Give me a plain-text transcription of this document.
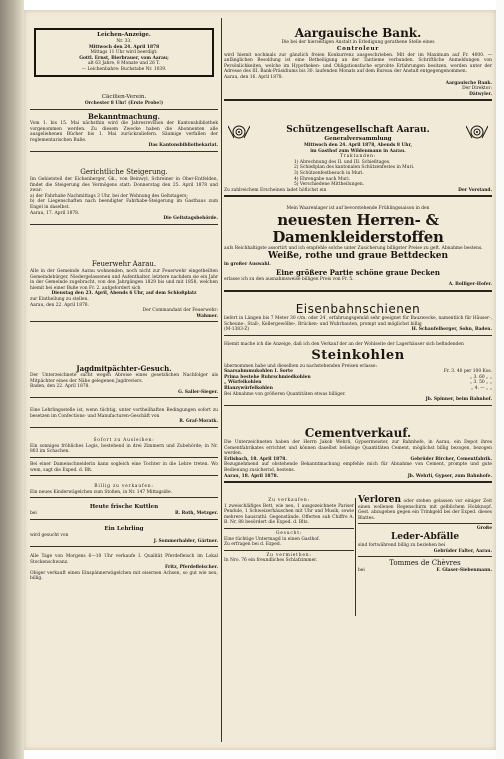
Leichen-Anzeige.

Nr. 33.

Mittwoch den 24. April 1878

Mittags 11 Uhr wird beerdigt:

Gottl. Ernst, Bierbrauer, vom Aarau;

alt 63 Jahre, 8 Monate und 26 T.

— Leichenbahre: Buchstabe Nr. 1039.

Cäcilien-Verein.

Orchester 8 Uhr! (Erste Probe!)

Bekanntmachung.

Vom 1. bis 15. Mai nächsthin wird die Jahresrevision der Kantonsbibliothek vorgenommen werden. Zu diesem Zwecke haben die Abonnenten alle ausgeliehenen Bücher bis 1. Mai zurückzuliefern. Säumige verfallen der reglementarischen Buße.

Das Kantonsbibliothekariat.

Gerichtliche Steigerung.

Im Gebietsteil der Eichenberger, Gk., von Beinwyl, Schreiner in Ober-Entfelden, findet die Steigerung des Vermögens statt: Donnerstag den 25. April 1878 und zwar:

a) der Fahrhabe Nachmittags 3 Uhr, bei der Wohnung des Geltstagers;

b) der Liegenschaften nach beendigter Fahrhabe-Steigerung im Gasthaus zum Engel in daselbst.

Aarau, 17. April 1878.

Die Geltstagsbehörde.

Feuerwehr Aarau.

Alle in der Gemeinde Aarau wohnenden, noch nicht zur Feuerwehr eingetheilten Gemeindebürger, Niedergelassenen und Aufenthalter, letztere nachdem sie ein Jahr in der Gemeinde zugebracht, von den Jahrgängen 1829 bis und mit 1858, welchen hiemit bei einer Buße von Fr. 2. aufgefordert sich

Dienstag den 23. April, Abends 6 Uhr, auf dem Schloßplatz

zur Eintheilung zu stellen.

Aarau, den 22. April 1878.

Der Commandant der Feuerwehr:

Wahmer.

Jagdmitpächter-Gesuch.

Der Unterzeichnete sucht wegen Abreise eines gesetzlichen Nachfolger als Mitpächter eines der Nähe gelegenen Jagdreviers.

Baden, den 22. April 1878.

G. Saller-Sieger.

Eine Lehrlingsstelle ist, wenn tüchtig, unter vortheilhaften Bedingungen sofort zu besetzen im Confections- und Manufacturen-Geschäft von

R. Graf-Moratk.

Sofort zu Ausleihen:

Ein sonniges fröhliches Logis, bestehend in drei Zimmern und Zubehörde; in Nr. 803 im Schachen.

Bei einer Damenschneiderin kann sogleich eine Tochter in die Lehre treten. Wo wem, sagt die Exped. d. Blt.

Billig zu verkaufen:

Ein neues Kinderwägelchen zum Stoßen, in Nr. 147 Mittagsiße.

Heute frische Kuttlen

bei	R. Roth, Metzger.

Ein Lehrling

wird gesucht von

J. Sommerhalder, Gärtner.

Alle Tage von Morgens 6—10 Uhr verkaufe I. Qualität Pferdefleisch im Lokal Stockenschwanz.

Fritz, Pferdefleischer.

Obiger verkauft einen Einspännerwägelchen mit eisernen Achsen, so gut wie neu, billig.

Aargauische Bank.

Die bei der hierseitigen Anstalt in Erledigung gerathene Stelle eines

Controleur

wird hiemit nochmals zur gänzlich freien Konkurrenz ausgeschrieben. Mit der im Maximum auf Fr. 4000. — anfänglichen Besoldung ist eine Betheiligung an der Tantieme verbunden. Schriftliche Anmeldungen von Persönlichkeiten, welche im Hypotheken- und Obligationsfache erprobte Erfahrungen besitzen, werden unter der Adresse des III. Bank-Präsidiums bis 30. laufenden Monats auf dem Bureau der Anstalt entgegengenommen.

Aarau, den 16. April 1878.

Aargauische Bank.

Der Direktor:

Dätwyler.

Schützengesellschaft Aarau.

Generalversammlung

Mittwoch den 24. April 1878, Abends 8 Uhr,

im Gasthof zum Wildenmann in Aarau.

Traktanden:

1) Abrechnung des II. und III. Schießtages.

2) Schießplan des kantonalen Schützenfestes in Muri.

3) Schützenfestbesuch in Muri.

4) Ehrengabe nach Muri.

5) Verschiedene Mittheilungen.

Zu zahlreichem Erscheinen ladet höflichst ein	Der Vorstand.

Mein Waarenlager ist auf bevorstehende Frühlingssaison in den

neuesten Herren- & Damenkleiderstoffen

aufs Reichhaltigste assortirt und ich empfehle solche unter Zusicherung billigster Preise zu geft. Abnahme bestens.

Weiße, rothe und graue Bettdecken

in großer Auswahl.

Eine größere Partie schöne graue Decken

erlasse ich zu den ausnahmsweise billigen Preis von Fr. 5.

A. Bolliger-Hofer.

Eisenbahnschienen

liefert in Längen bis 7 Meter 30 c/m. oder 24′, erfahrungsgemäß sehr geeignet für Bauzwecke, namentlich für Häuser-, Scheune-, Stall-, Kellergewölbe-, Brücken- und Wuhrbauten, prompt und möglichst billig

(M-1383-Z)	H. Schaufelberger, Sohn, Baden.

Hiemit mache ich die Anzeige, daß ich den Verkauf der an der Wohlseite der Lagerhäuser sich befindenden

Steinkohlen

übernommen habe und dieselben zu nachstehenden Preisen erlasse:

Saarsahmmukohlen I. Sorte	Fr. 3. 40 per 100 Kos.

Prima bestehe Ruhrschmiedkohlen	„ 3. 60 „ „

„ Würfelkohlen	„ 3. 50 „ „

Blanzywürfelkohlen	„ 4. — „ „

Bei Abnahme von größeren Quantitäten etwas billiger.

Jb. Spinner, beim Bahnhof.

Cementverkauf.

Die Unterzeichneten haben der Herrn Jakob Wehrli, Gypsermeister, zur Bahnhofe, in Aarau, ein Depot ihres Cementfabrikates errichtet und können daselbst beliebige Quantitäten Cement, möglichst billig bezogen, bezogen werden.

Erlisbach, 18. April 1878.	Gebrüder Bircher, Cementfabrik.

Bezugnehmend auf obstehende Bekanntmachung empfehle mich für Abnahme von Cement, prompte und gute Bedienung zusichernd, bestens.

Aarau, 18. April 1878.	Jb. Wehrli, Gypser, zum Bahnhofe.

Zu verkaufen:

1 zweischläfiges Bett, wie neu, 1 ausgezeichnete Pariser Pendule, 1 Schweizerhäuschen mit Uhr und Musik, sowie mehrere hausrathl. Gegenstände. Offerten sub Chiffre A. B. Nr. 88 besördert die Exped. d. Blts.

Gesucht:

Eine tüchtige Untermagd in einen Gasthof.

Zu erfragen bei d. Exped.

Zu vermiethen:

In Nro. 76 ein freundliches Schlafzimmer.

Verloren oder stehen gelassen vor einiger Zeit einen wollenen Regenschirm mit gelblichem Holzknopf. Gest. abzugeben gegen ein Trinkgeld bei der Exped. dieses Blattes.

Große

Leder-Abfälle

sind fortwährend billig zu beziehen bei

Gebrüder Falter, Aarau.

Tommes de Chèvres

bei	F. Glaser-Siebenmann.
